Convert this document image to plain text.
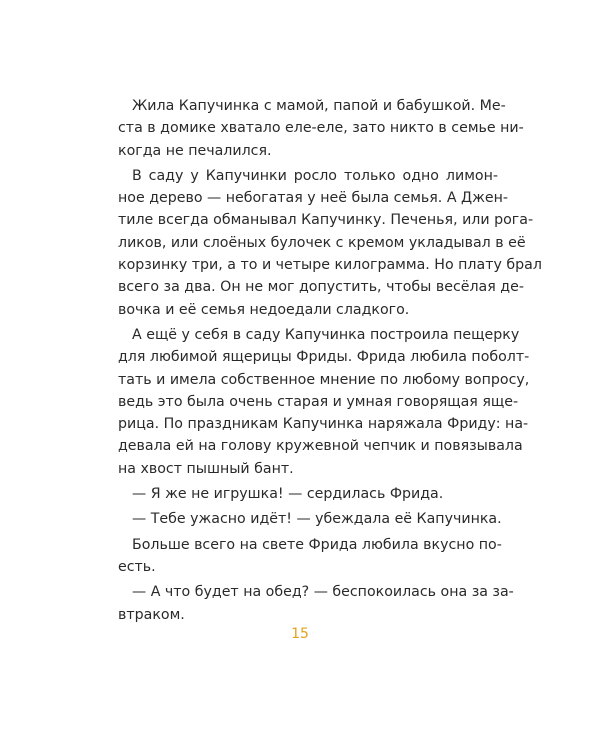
Жила Капучинка с мамой, папой и бабушкой. Ме-
ста в домике хватало еле-еле, зато никто в семье ни-
когда не печалился.
В саду у Капучинки росло только одно лимон-
ное дерево — небогатая у неё была семья. А Джен-
тиле всегда обманывал Капучинку. Печенья, или рога-
ликов, или слоёных булочек с кремом укладывал в её
корзинку три, а то и четыре килограмма. Но плату брал
всего за два. Он не мог допустить, чтобы весёлая де-
вочка и её семья недоедали сладкого.
А ещё у себя в саду Капучинка построила пещерку
для любимой ящерицы Фриды. Фрида любила поболт-
тать и имела собственное мнение по любому вопросу,
ведь это была очень старая и умная говорящая яще-
рица. По праздникам Капучинка наряжала Фриду: на-
девала ей на голову кружевной чепчик и повязывала
на хвост пышный бант.
— Я же не игрушка! — сердилась Фрида.
— Тебе ужасно идёт! — убеждала её Капучинка.
Больше всего на свете Фрида любила вкусно по-
есть.
— А что будет на обед? — беспокоилась она за за-
втраком.
15
